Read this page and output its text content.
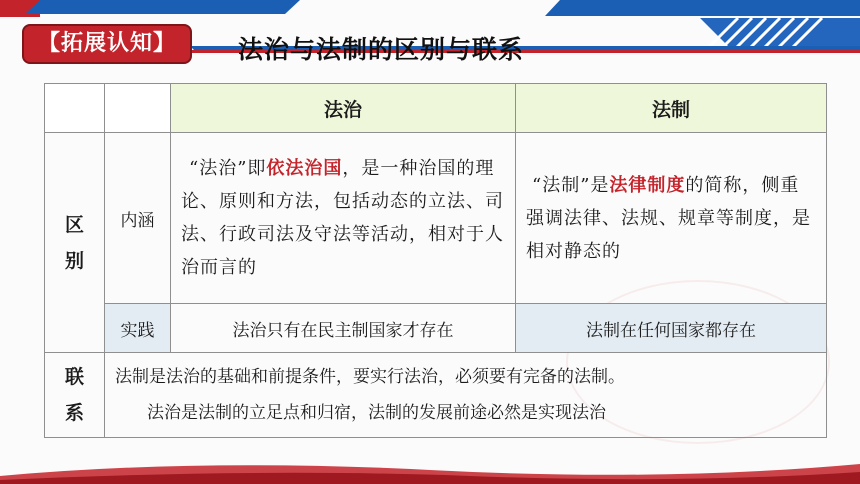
【拓展认知】	法治与法制的区别与联系
		法治	法制
区别	内涵	“法治”即依法治国，是一种治国的理论、原则和方法，包括动态的立法、司法、行政司法及守法等活动，相对于人治而言的	“法制”是法律制度的简称，侧重强调法律、法规、规章等制度，是相对静态的
	实践	法治只有在民主制国家才存在	法制在任何国家都存在
联系	法制是法治的基础和前提条件，要实行法治，必须要有完备的法制。
法治是法制的立足点和归宿，法制的发展前途必然是实现法治		
